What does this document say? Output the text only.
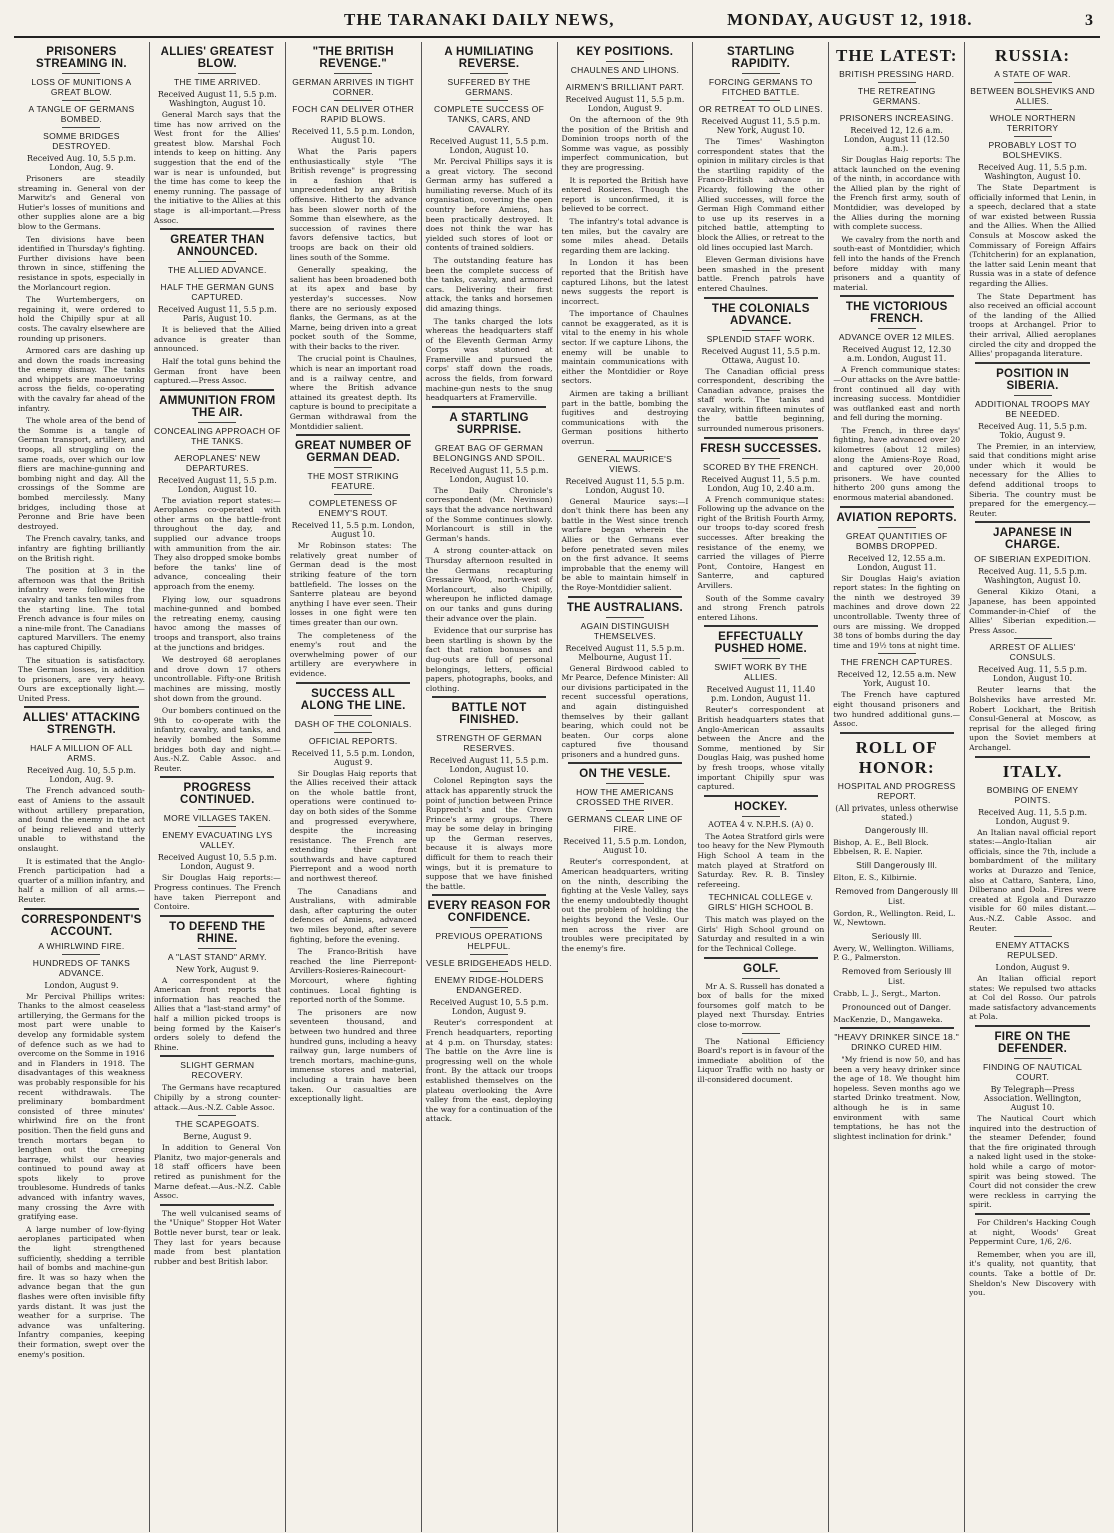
THE TARANAKI DAILY NEWS,	MONDAY, AUGUST 12, 1918.	3
PRISONERS STREAMING IN.
LOSS OF MUNITIONS A GREAT BLOW.
A TANGLE OF GERMANS BOMBED.
SOMME BRIDGES DESTROYED.
Received Aug. 10, 5.5 p.m. London, Aug. 9.

Prisoners are steadily streaming in. General von der Marwitz's and General von Hutier's losses of munitions and other supplies alone are a big blow to the Germans.

Ten divisions have been identified in Thursday's fighting. Further divisions have been thrown in since, stiffening the resistance in spots, especially in the Morlancourt region.

The Wurtembergers, on regaining it, were ordered to hold the Chipilly spur at all costs. The cavalry elsewhere are rounding up prisoners.

Armored cars are dashing up and down the roads increasing the enemy dismay. The tanks and whippets are manoeuvring across the fields, co-operating with the cavalry far ahead of the infantry.

The whole area of the bend of the Somme is a tangle of German transport, artillery, and troops, all struggling on the same roads, over which our low fliers are machine-gunning and bombing night and day. All the crossings of the Somme are bombed mercilessly. Many bridges, including those at Peronne and Brie have been destroyed.

The French cavalry, tanks, and infantry are fighting brilliantly on the British right.

The position at 3 in the afternoon was that the British infantry were following the cavalry and tanks ten miles from the starting line. The total French advance is four miles on a nine-mile front. The Canadians captured Marvillers. The enemy has captured Chipilly.

The situation is satisfactory. The German losses, in addition to prisoners, are very heavy. Ours are exceptionally light.—United Press.

ALLIES' ATTACKING STRENGTH.
HALF A MILLION OF ALL ARMS.
Received Aug. 10, 5.5 p.m. London, Aug. 9.

The French advanced south-east of Amiens to the assault without artillery preparation, and found the enemy in the act of being relieved and utterly unable to withstand the onslaught.

It is estimated that the Anglo-French participation had a quarter of a million infantry, and half a million of all arms.—Reuter.

CORRESPONDENT'S ACCOUNT.
A WHIRLWIND FIRE.
HUNDREDS OF TANKS ADVANCE.
London, August 9.

Mr Percival Phillips writes: Thanks to the almost ceaseless artillerying, the Germans for the most part were unable to develop any formidable system of defence such as we had to overcome on the Somme in 1916 and in Flanders in 1918. The disadvantages of this weakness was probably responsible for his recent withdrawals. The preliminary bombardment consisted of three minutes' whirlwind fire on the front position. Then the field guns and trench mortars began to lengthen out the creeping barrage, whilst our heavies continued to pound away at spots likely to prove troublesome. Hundreds of tanks advanced with infantry waves, many crossing the Avre with gratifying ease.

A large number of low-flying aeroplanes participated when the light strengthened sufficiently, shedding a terrible hail of bombs and machine-gun fire. It was so hazy when the advance began that the gun flashes were often invisible fifty yards distant. It was just the weather for a surprise. The advance was unfaltering. Infantry companies, keeping their formation, swept over the enemy's position.

ALLIES' GREATEST BLOW.
THE TIME ARRIVED.
Received August 11, 5.5 p.m. Washington, August 10.

General March says that the time has now arrived on the West front for the Allies' greatest blow. Marshal Foch intends to keep on hitting. Any suggestion that the end of the war is near is unfounded, but the time has come to keep the enemy running. The passage of the initiative to the Allies at this stage is all-important.—Press Assoc.

GREATER THAN ANNOUNCED.
THE ALLIED ADVANCE.
HALF THE GERMAN GUNS CAPTURED.
Received August 11, 5.5 p.m. Paris, August 10.

It is believed that the Allied advance is greater than announced.

Half the total guns behind the German front have been captured.—Press Assoc.

AMMUNITION FROM THE AIR.
CONCEALING APPROACH OF THE TANKS.
AEROPLANES' NEW DEPARTURES.
Received August 11, 5.5 p.m. London, August 10.

The aviation report states:—Aeroplanes co-operated with other arms on the battle-front throughout the day, and supplied our advance troops with ammunition from the air. They also dropped smoke bombs before the tanks' line of advance, concealing their approach from the enemy.

Flying low, our squadrons machine-gunned and bombed the retreating enemy, causing havoc among the masses of troops and transport, also trains at the junctions and bridges.

We destroyed 68 aeroplanes and drove down 17 others uncontrollable. Fifty-one British machines are missing, mostly shot down from the ground.

Our bombers continued on the 9th to co-operate with the infantry, cavalry, and tanks, and heavily bombed the Somme bridges both day and night.—Aus.-N.Z. Cable Assoc. and Reuter.

PROGRESS CONTINUED.
MORE VILLAGES TAKEN.
ENEMY EVACUATING LYS VALLEY.
Received August 10, 5.5 p.m. London, August 9.

Sir Douglas Haig reports:—Progress continues. The French have taken Pierrepont and Contoire.

TO DEFEND THE RHINE.
A "LAST STAND" ARMY.
New York, August 9.

A correspondent at the American front reports that information has reached the Allies that a "last-stand army" of half a million picked troops is being formed by the Kaiser's orders solely to defend the Rhine.

SLIGHT GERMAN RECOVERY.

The Germans have recaptured Chipilly by a strong counter-attack.—Aus.-N.Z. Cable Assoc.

THE SCAPEGOATS.
Berne, August 9.

In addition to General Von Planitz, two major-generals and 18 staff officers have been retired as punishment for the Marne defeat.—Aus.-N.Z. Cable Assoc.

The well vulcanised seams of the "Unique" Stopper Hot Water Bottle never burst, tear or leak. They last for years because made from best plantation rubber and best British labor.

"THE BRITISH REVENGE."
GERMAN ARRIVES IN TIGHT CORNER.
FOCH CAN DELIVER OTHER RAPID BLOWS.
Received 11, 5.5 p.m. London, August 10.

What the Paris papers enthusiastically style "The British revenge" is progressing in a fashion that is unprecedented by any British offensive. Hitherto the advance has been slower north of the Somme than elsewhere, as the succession of ravines there favors defensive tactics, but troops are back on their old lines south of the Somme.

Generally speaking, the salient has been broadened both at its apex and base by yesterday's successes. Now there are no seriously exposed flanks, the Germans, as at the Marne, being driven into a great pocket south of the Somme, with their backs to the river.

The crucial point is Chaulnes, which is near an important road and is a railway centre, and where the British advance attained its greatest depth. Its capture is bound to precipitate a German withdrawal from the Montdidier salient.

GREAT NUMBER OF GERMAN DEAD.
THE MOST STRIKING FEATURE.
COMPLETENESS OF ENEMY'S ROUT.
Received 11, 5.5 p.m. London, August 10.

Mr Robinson states: The relatively great number of German dead is the most striking feature of the torn battlefield. The losses on the Santerre plateau are beyond anything I have ever seen. Their losses in one fight were ten times greater than our own.

The completeness of the enemy's rout and the overwhelming power of our artillery are everywhere in evidence.

SUCCESS ALL ALONG THE LINE.
DASH OF THE COLONIALS.
OFFICIAL REPORTS.
Received 11, 5.5 p.m. London, August 9.

Sir Douglas Haig reports that the Allies received their attack on the whole battle front, operations were continued to-day on both sides of the Somme and progressed everywhere, despite the increasing resistance. The French are extending their front southwards and have captured Pierrepont and a wood north and northwest thereof.

The Canadians and Australians, with admirable dash, after capturing the outer defences of Amiens, advanced two miles beyond, after severe fighting, before the evening.

The Franco-British have reached the line Pierrepont-Arvillers-Rosieres-Rainecourt-Morcourt, where fighting continues. Local fighting is reported north of the Somme.

The prisoners are now seventeen thousand, and between two hundred and three hundred guns, including a heavy railway gun, large numbers of trench mortars, machine-guns, immense stores and material, including a train have been taken. Our casualties are exceptionally light.

A HUMILIATING REVERSE.
SUFFERED BY THE GERMANS.
COMPLETE SUCCESS OF TANKS, CARS, AND CAVALRY.
Received August 11, 5.5 p.m. London, August 10.

Mr. Percival Phillips says it is a great victory. The second German army has suffered a humiliating reverse. Much of its organisation, covering the open country before Amiens, has been practically destroyed. It does not think the war has yielded such stores of loot or contents of trained soldiers.

The outstanding feature has been the complete success of the tanks, cavalry, and armored cars. Delivering their first attack, the tanks and horsemen did amazing things.

The tanks charged the lots whereas the headquarters staff of the Eleventh German Army Corps was stationed at Framerville and pursued the corps' staff down the roads, across the fields, from forward machine-gun nests to the snug headquarters at Framerville.

A STARTLING SURPRISE.
GREAT BAG OF GERMAN BELONGINGS AND SPOIL.
Received August 11, 5.5 p.m. London, August 10.

The Daily Chronicle's correspondent (Mr. Nevinson) says that the advance northward of the Somme continues slowly. Morlancourt is still in the German's hands.

A strong counter-attack on Thursday afternoon resulted in the Germans recapturing Gressaire Wood, north-west of Morlancourt, also Chipilly, whereupon he inflicted damage on our tanks and guns during their advance over the plain.

Evidence that our surprise has been startling is shown by the fact that ration bonuses and dug-outs are full of personal belongings, letters, official papers, photographs, books, and clothing.

BATTLE NOT FINISHED.
STRENGTH OF GERMAN RESERVES.
Received August 11, 5.5 p.m. London, August 10.

Colonel Repington says the attack has apparently struck the point of junction between Prince Rupprecht's and the Crown Prince's army groups. There may be some delay in bringing up the German reserves, because it is always more difficult for them to reach their wings, but it is premature to suppose that we have finished the battle.

EVERY REASON FOR CONFIDENCE.
PREVIOUS OPERATIONS HELPFUL.
VESLE BRIDGEHEADS HELD.
ENEMY RIDGE-HOLDERS ENDANGERED.
Received August 10, 5.5 p.m. London, August 9.

Reuter's correspondent at French headquarters, reporting at 4 p.m. on Thursday, states: The battle on the Avre line is progressing well on the whole front. By the attack our troops established themselves on the plateau overlooking the Avre valley from the east, deploying the way for a continuation of the attack.

KEY POSITIONS.
CHAULNES AND LIHONS.
AIRMEN'S BRILLIANT PART.
Received August 11, 5.5 p.m. London, August 9.

On the afternoon of the 9th the position of the British and Dominion troops north of the Somme was vague, as possibly imperfect communication, but they are progressing.

It is reported the British have entered Rosieres. Though the report is unconfirmed, it is believed to be correct.

The infantry's total advance is ten miles, but the cavalry are some miles ahead. Details regarding them are lacking.

In London it has been reported that the British have captured Lihons, but the latest news suggests the report is incorrect.

The importance of Chaulnes cannot be exaggerated, as it is vital to the enemy in his whole sector. If we capture Lihons, the enemy will be unable to maintain communications with either the Montdidier or Roye sectors.

Airmen are taking a brilliant part in the battle, bombing the fugitives and destroying communications with the German positions hitherto overrun.

GENERAL MAURICE'S VIEWS.
Received August 11, 5.5 p.m. London, August 10.

General Maurice says:—I don't think there has been any battle in the West since trench warfare began wherein the Allies or the Germans ever before penetrated seven miles on the first advance. It seems improbable that the enemy will be able to maintain himself in the Roye-Montdidier salient.

THE AUSTRALIANS.
AGAIN DISTINGUISH THEMSELVES.
Received August 11, 5.5 p.m. Melbourne, August 11.

General Birdwood cabled to Mr Pearce, Defence Minister: All our divisions participated in the recent successful operations, and again distinguished themselves by their gallant bearing, which could not be beaten. Our corps alone captured five thousand prisoners and a hundred guns.

ON THE VESLE.
HOW THE AMERICANS CROSSED THE RIVER.
GERMANS CLEAR LINE OF FIRE.
Received 11, 5.5 p.m. London, August 10.

Reuter's correspondent, at American headquarters, writing on the ninth, describing the fighting at the Vesle Valley, says the enemy undoubtedly thought out the problem of holding the heights beyond the Vesle. Our men across the river are troubles were precipitated by the enemy's fire.

STARTLING RAPIDITY.
FORCING GERMANS TO FITCHED BATTLE.
OR RETREAT TO OLD LINES.
Received August 11, 5.5 p.m. New York, August 10.

The Times' Washington correspondent states that the opinion in military circles is that the startling rapidity of the Franco-British advance in Picardy, following the other Allied successes, will force the German High Command either to use up its reserves in a pitched battle, attempting to block the Allies, or retreat to the old lines occupied last March.

Eleven German divisions have been smashed in the present battle. French patrols have entered Chaulnes.

THE COLONIALS ADVANCE.
SPLENDID STAFF WORK.
Received August 11, 5.5 p.m. Ottawa, August 10.

The Canadian official press correspondent, describing the Canadian advance, praises the staff work. The tanks and cavalry, within fifteen minutes of the battle beginning, surrounded numerous prisoners.

FRESH SUCCESSES.
SCORED BY THE FRENCH.
Received August 11, 5.5 p.m. London, Aug 10, 2.40 a.m.

A French communique states: Following up the advance on the right of the British Fourth Army, our troops to-day scored fresh successes. After breaking the resistance of the enemy, we carried the villages of Pierre Pont, Contoire, Hangest en Santerre, and captured Arvillers.

South of the Somme cavalry and strong French patrols entered Lihons.

EFFECTUALLY PUSHED HOME.
SWIFT WORK BY THE ALLIES.
Received August 11, 11.40 p.m. London, August 11.

Reuter's correspondent at British headquarters states that Anglo-American assaults between the Ancre and the Somme, mentioned by Sir Douglas Haig, was pushed home by fresh troops, whose vitally important Chipilly spur was captured.

HOCKEY.
AOTEA 4 v. N.P.H.S. (A) 0.

The Aotea Stratford girls were too heavy for the New Plymouth High School A team in the match played at Stratford on Saturday. Rev. R. B. Tinsley refereeing.

TECHNICAL COLLEGE v. GIRLS' HIGH SCHOOL B.

This match was played on the Girls' High School ground on Saturday and resulted in a win for the Technical College.

GOLF.

Mr A. S. Russell has donated a box of balls for the mixed foursomes golf match to be played next Thursday. Entries close to-morrow.

The National Efficiency Board's report is in favour of the immediate abolition of the Liquor Traffic with no hasty or ill-considered document.

THE LATEST:
BRITISH PRESSING HARD.
THE RETREATING GERMANS.
PRISONERS INCREASING.
Received 12, 12.6 a.m. London, August 11 (12.50 a.m.).

Sir Douglas Haig reports: The attack launched on the evening of the ninth, in accordance with the Allied plan by the right of the French first army, south of Montdidier, was developed by the Allies during the morning with complete success.

We cavalry from the north and south-east of Montdidier, which fell into the hands of the French before midday with many prisoners and a quantity of material.

THE VICTORIOUS FRENCH.
ADVANCE OVER 12 MILES.
Received August 12, 12.30 a.m. London, August 11.

A French communique states:—Our attacks on the Avre battle-front continued all day with increasing success. Montdidier was outflanked east and north and fell during the morning.

The French, in three days' fighting, have advanced over 20 kilometres (about 12 miles) along the Amiens-Roye Road, and captured over 20,000 prisoners. We have counted hitherto 200 guns among the enormous material abandoned.

AVIATION REPORTS.
GREAT QUANTITIES OF BOMBS DROPPED.
Received 12, 12.55 a.m. London, August 11.

Sir Douglas Haig's aviation report states: In the fighting on the ninth we destroyed 39 machines and drove down 22 uncontrollable. Twenty three of ours are missing. We dropped 38 tons of bombs during the day time and 19½ tons at night time.

THE FRENCH CAPTURES.
Received 12, 12.55 a.m. New York, August 10.

The French have captured eight thousand prisoners and two hundred additional guns.—Assoc.

ROLL OF HONOR:
HOSPITAL AND PROGRESS REPORT.
(All privates, unless otherwise stated.)
Dangerously Ill.

Bishop, A. E., Bell Block. Ebbelsen, R. E. Napier.

Still Dangerously Ill.

Elton, E. S., Kilbirnie.

Removed from Dangerously Ill List.

Gordon, R., Wellington. Reid, L. W., Newtown.

Seriously Ill.

Avery, W., Wellington. Williams, P. G., Palmerston.

Removed from Seriously Ill List.

Crabb, L. J., Sergt., Marton.

Pronounced out of Danger.

MacKenzie, D., Mangaweka.

"HEAVY DRINKER SINCE 18." DRINKO CURED HIM.

"My friend is now 50, and has been a very heavy drinker since the age of 18. We thought him hopeless. Seven months ago we started Drinko treatment. Now, although he is in same environment with same temptations, he has not the slightest inclination for drink."

RUSSIA:
A STATE OF WAR.
BETWEEN BOLSHEVIKS AND ALLIES.
WHOLE NORTHERN TERRITORY
PROBABLY LOST TO BOLSHEVIKS.
Received Aug. 11, 5.5 p.m. Washington, August 10.

The State Department is officially informed that Lenin, in a speech, declared that a state of war existed between Russia and the Allies. When the Allied Consuls at Moscow asked the Commissary of Foreign Affairs (Tchitcherin) for an explanation, the latter said Lenin meant that Russia was in a state of defence regarding the Allies.

The State Department has also received an official account of the landing of the Allied troops at Archangel. Prior to their arrival, Allied aeroplanes circled the city and dropped the Allies' propaganda literature.

POSITION IN SIBERIA.
ADDITIONAL TROOPS MAY BE NEEDED.
Received Aug. 11, 5.5 p.m. Tokio, August 9.

The Premier, in an interview, said that conditions might arise under which it would be necessary for the Allies to defend additional troops to Siberia. The country must be prepared for the emergency.—Reuter.

JAPANESE IN CHARGE.
OF SIBERIAN EXPEDITION.
Received Aug. 11, 5.5 p.m. Washington, August 10.

General Kikizo Otani, a Japanese, has been appointed Commander-in-Chief of the Allies' Siberian expedition.—Press Assoc.

ARREST OF ALLIES' CONSULS.
Received Aug. 11, 5.5 p.m. London, August 10.

Reuter learns that the Bolsheviks have arrested Mr. Robert Lockhart, the British Consul-General at Moscow, as reprisal for the alleged firing upon the Soviet members at Archangel.

ITALY.
BOMBING OF ENEMY POINTS.
Received Aug. 11, 5.5 p.m. London, August 9.

An Italian naval official report states:—Anglo-Italian air officials, since the 7th, include a bombardment of the military works at Durazzo and Tenice, also at Cattaro, Santera, Lino, Dilberano and Dola. Fires were created at Egola and Durazzo visible for 60 miles distant.—Aus.-N.Z. Cable Assoc. and Reuter.

ENEMY ATTACKS REPULSED.
London, August 9.

An Italian official report states: We repulsed two attacks at Col del Rosso. Our patrols made satisfactory advancements at Pola.

FIRE ON THE DEFENDER.
FINDING OF NAUTICAL COURT.
By Telegraph—Press Association. Wellington, August 10.

The Nautical Court which inquired into the destruction of the steamer Defender, found that the fire originated through a naked light used in the stoke-hold while a cargo of motor-spirit was being stowed. The Court did not consider the crew were reckless in carrying the spirit.

For Children's Hacking Cough at night, Woods' Great Peppermint Cure, 1/6, 2/6.

Remember, when you are ill, it's quality, not quantity, that counts. Take a bottle of Dr. Sheldon's New Discovery with you.
